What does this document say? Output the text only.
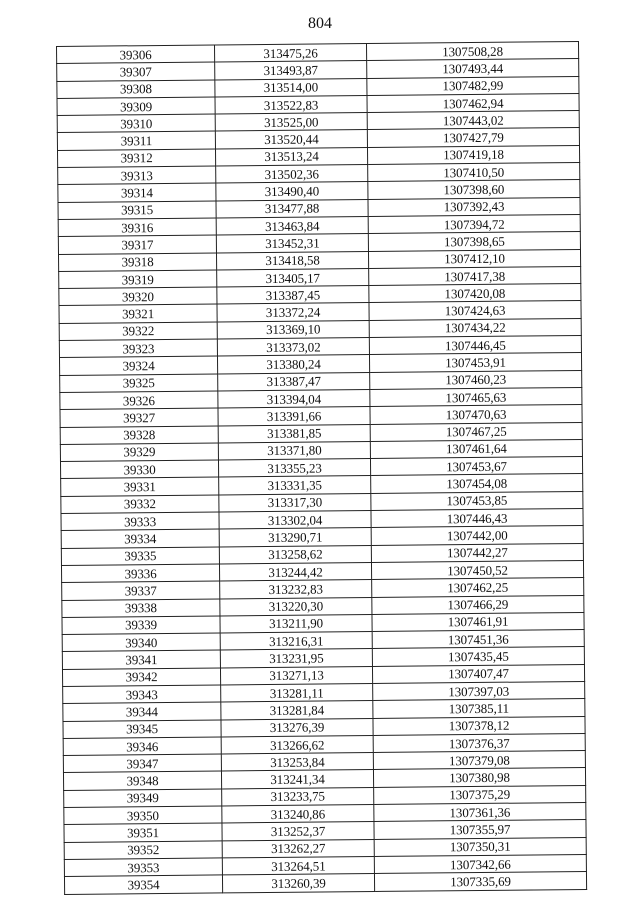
804
39306	313475,26	1307508,28
39307	313493,87	1307493,44
39308	313514,00	1307482,99
39309	313522,83	1307462,94
39310	313525,00	1307443,02
39311	313520,44	1307427,79
39312	313513,24	1307419,18
39313	313502,36	1307410,50
39314	313490,40	1307398,60
39315	313477,88	1307392,43
39316	313463,84	1307394,72
39317	313452,31	1307398,65
39318	313418,58	1307412,10
39319	313405,17	1307417,38
39320	313387,45	1307420,08
39321	313372,24	1307424,63
39322	313369,10	1307434,22
39323	313373,02	1307446,45
39324	313380,24	1307453,91
39325	313387,47	1307460,23
39326	313394,04	1307465,63
39327	313391,66	1307470,63
39328	313381,85	1307467,25
39329	313371,80	1307461,64
39330	313355,23	1307453,67
39331	313331,35	1307454,08
39332	313317,30	1307453,85
39333	313302,04	1307446,43
39334	313290,71	1307442,00
39335	313258,62	1307442,27
39336	313244,42	1307450,52
39337	313232,83	1307462,25
39338	313220,30	1307466,29
39339	313211,90	1307461,91
39340	313216,31	1307451,36
39341	313231,95	1307435,45
39342	313271,13	1307407,47
39343	313281,11	1307397,03
39344	313281,84	1307385,11
39345	313276,39	1307378,12
39346	313266,62	1307376,37
39347	313253,84	1307379,08
39348	313241,34	1307380,98
39349	313233,75	1307375,29
39350	313240,86	1307361,36
39351	313252,37	1307355,97
39352	313262,27	1307350,31
39353	313264,51	1307342,66
39354	313260,39	1307335,69
